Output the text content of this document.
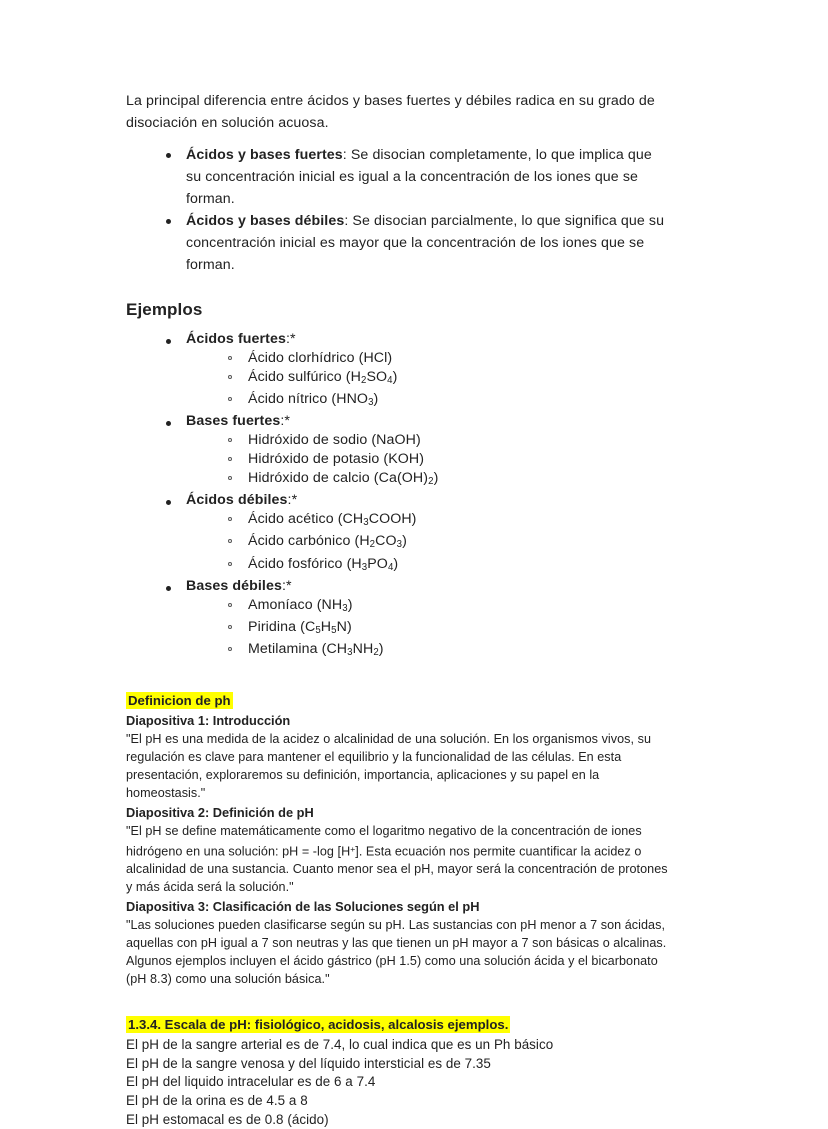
La principal diferencia entre ácidos y bases fuertes y débiles radica en su grado de disociación en solución acuosa.

Ácidos y bases fuertes: Se disocian completamente, lo que implica que su concentración inicial es igual a la concentración de los iones que se forman.
Ácidos y bases débiles: Se disocian parcialmente, lo que significa que su concentración inicial es mayor que la concentración de los iones que se forman.
Ejemplos
Ácidos fuertes:*
Ácido clorhídrico (HCl)
Ácido sulfúrico $(H_2SO_4)$
Ácido nítrico $(HNO_3)$
Bases fuertes:*
Hidróxido de sodio (NaOH)
Hidróxido de potasio (KOH)
Hidróxido de calcio $(Ca(OH)_2)$
Ácidos débiles:*
Ácido acético $(CH_3COOH)$
Ácido carbónico $(H_2CO_3)$
Ácido fosfórico $(H_3PO_4)$
Bases débiles:*
Amoníaco $(NH_3)$
Piridina $(C_5H_5N)$
Metilamina $(CH_3NH_2)$

Definicion de ph

Diapositiva 1: Introducción

"El pH es una medida de la acidez o alcalinidad de una solución. En los organismos vivos, su regulación es clave para mantener el equilibrio y la funcionalidad de las células. En esta presentación, exploraremos su definición, importancia, aplicaciones y su papel en la homeostasis."

Diapositiva 2: Definición de pH

"El pH se define matemáticamente como el logaritmo negativo de la concentración de iones hidrógeno en una solución: pH = -log [H+]. Esta ecuación nos permite cuantificar la acidez o alcalinidad de una sustancia. Cuanto menor sea el pH, mayor será la concentración de protones y más ácida será la solución."

Diapositiva 3: Clasificación de las Soluciones según el pH

"Las soluciones pueden clasificarse según su pH. Las sustancias con pH menor a 7 son ácidas, aquellas con pH igual a 7 son neutras y las que tienen un pH mayor a 7 son básicas o alcalinas. Algunos ejemplos incluyen el ácido gástrico (pH 1.5) como una solución ácida y el bicarbonato (pH 8.3) como una solución básica."

1.3.4. Escala de pH: fisiológico, acidosis, alcalosis ejemplos.

El pH de la sangre arterial es de 7.4, lo cual indica que es un Ph básico

El pH de la sangre venosa y del líquido intersticial es de 7.35

El pH del liquido intracelular es de 6 a 7.4

El pH de la orina es de 4.5 a 8

El pH estomacal es de 0.8 (ácido)
